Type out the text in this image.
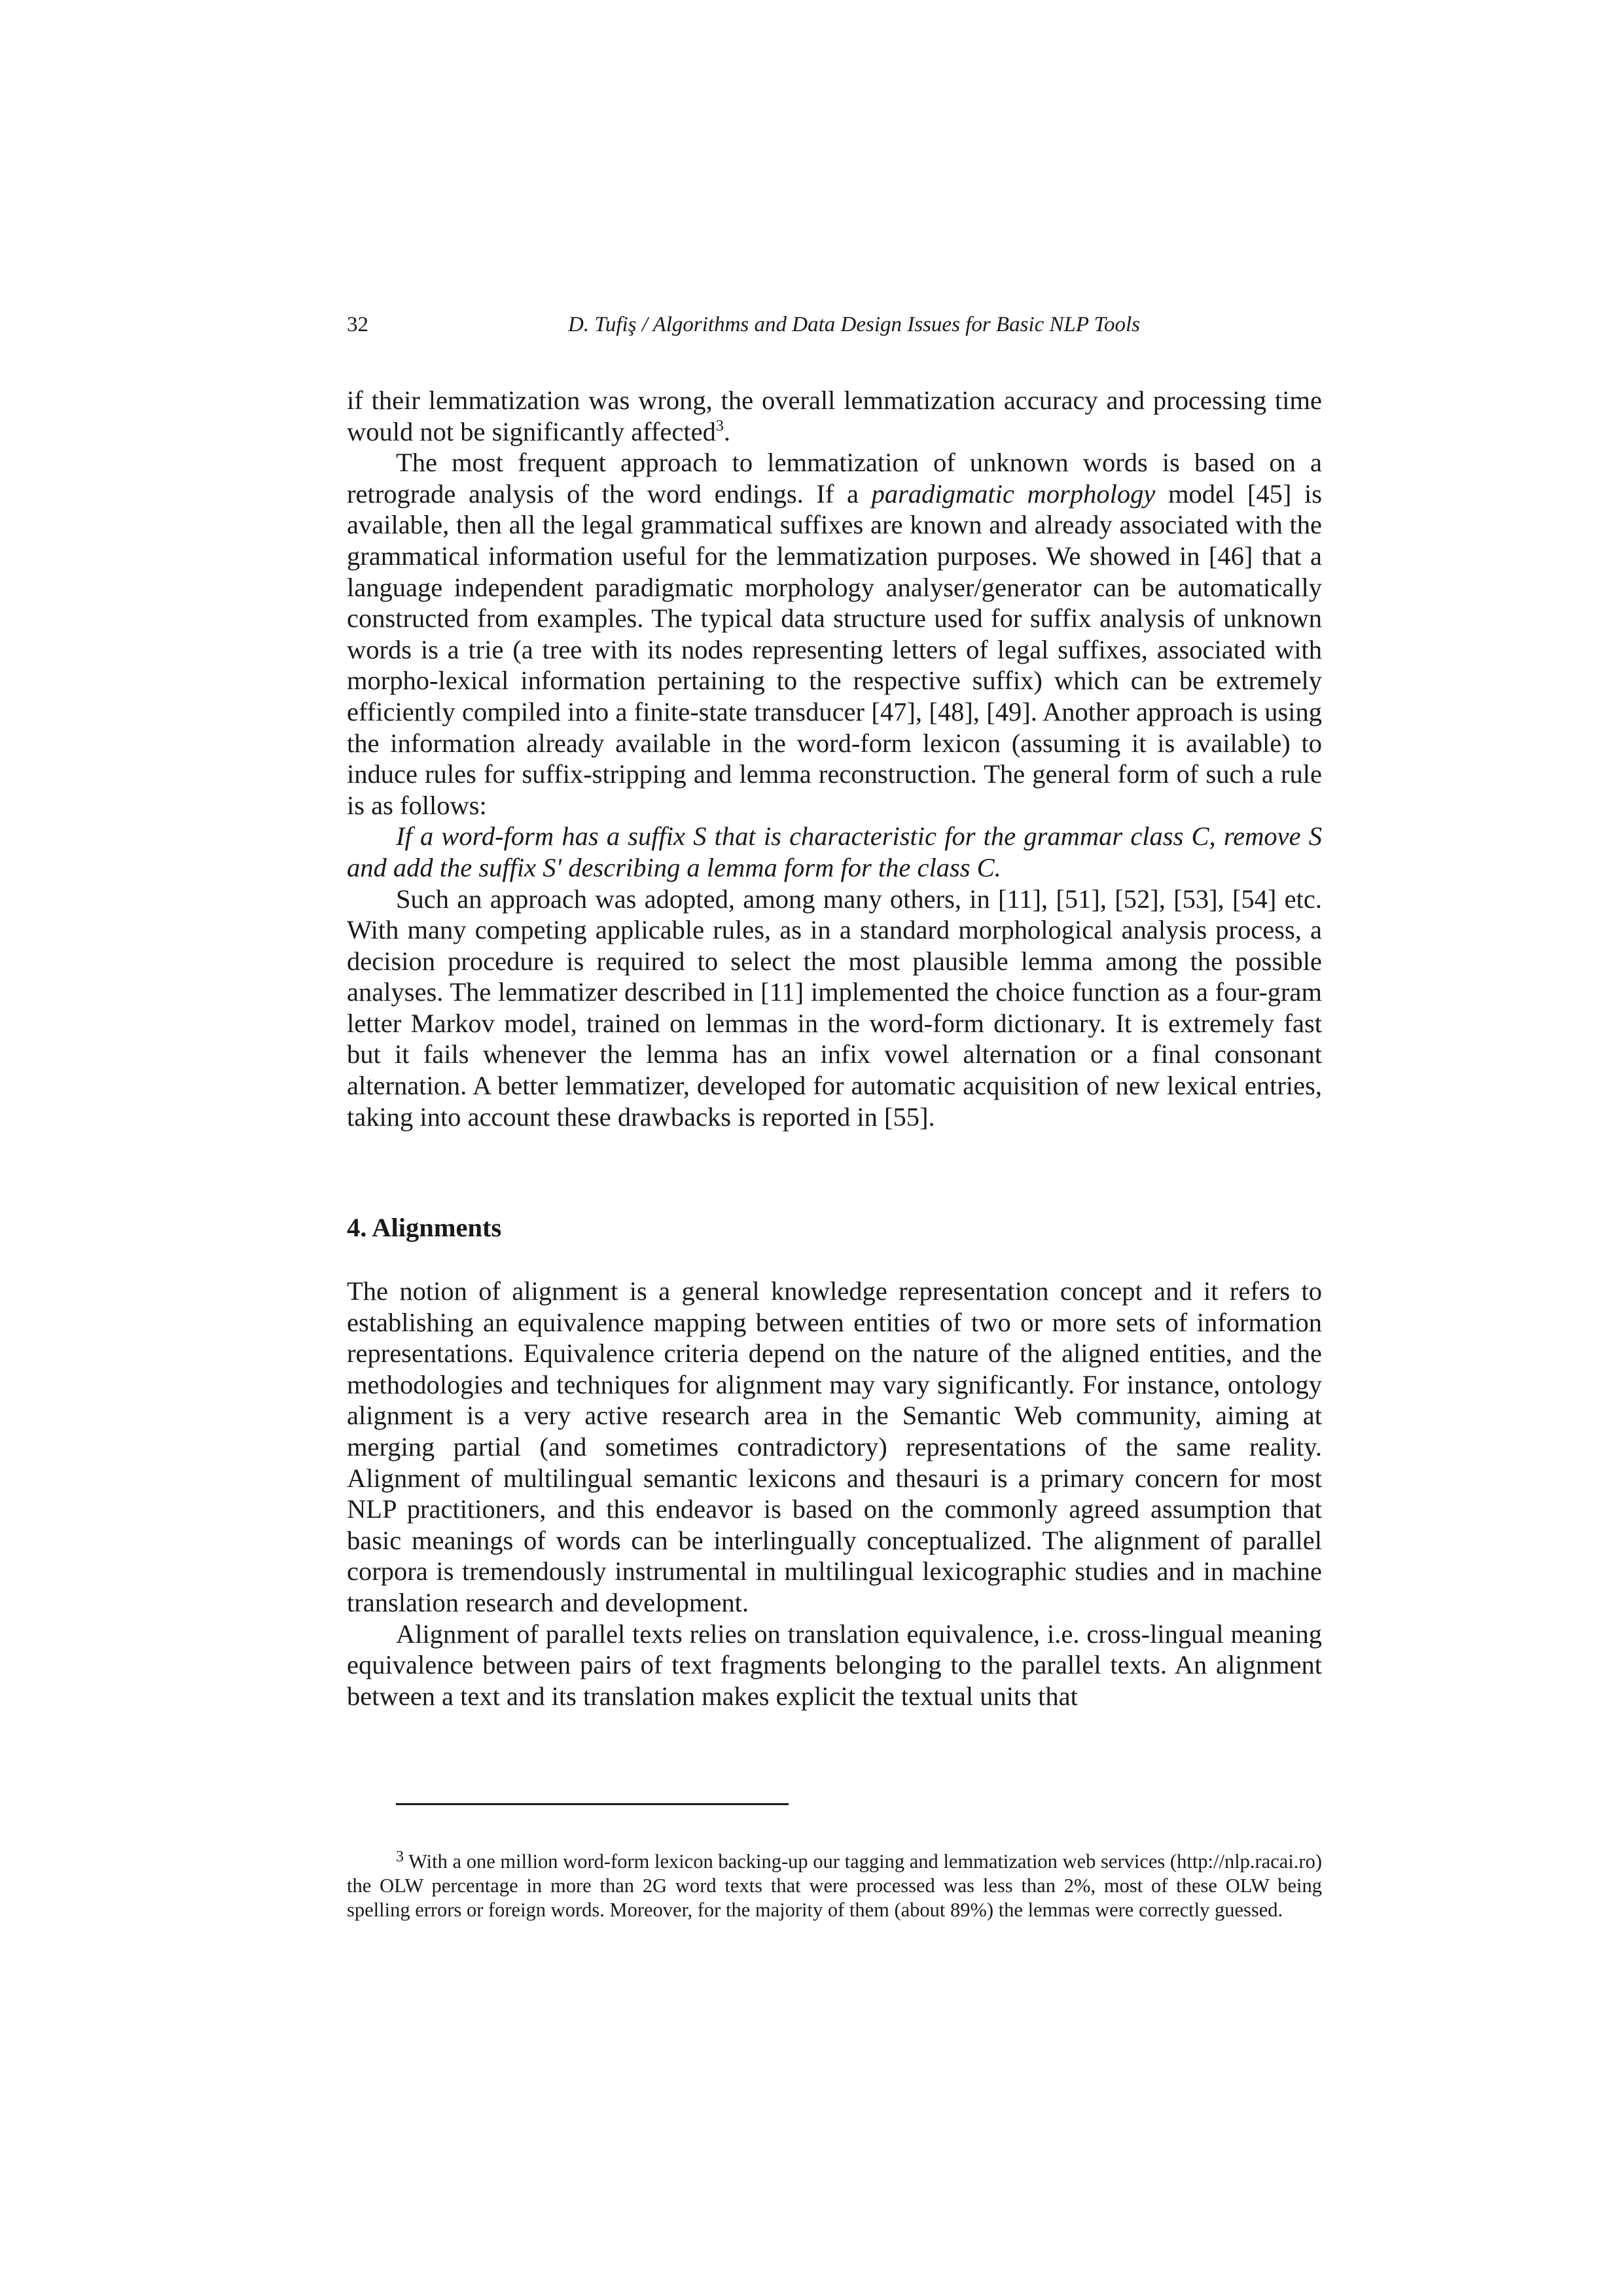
32	D. Tufiş / Algorithms and Data Design Issues for Basic NLP Tools

if their lemmatization was wrong, the overall lemmatization accuracy and processing time would not be significantly affected$^3$.

The most frequent approach to lemmatization of unknown words is based on a retrograde analysis of the word endings. If a paradigmatic morphology model [45] is available, then all the legal grammatical suffixes are known and already associated with the grammatical information useful for the lemmatization purposes. We showed in [46] that a language independent paradigmatic morphology analyser/generator can be automatically constructed from examples. The typical data structure used for suffix analysis of unknown words is a trie (a tree with its nodes representing letters of legal suffixes, associated with morpho-lexical information pertaining to the respective suffix) which can be extremely efficiently compiled into a finite-state transducer [47], [48], [49]. Another approach is using the information already available in the word-form lexicon (assuming it is available) to induce rules for suffix-stripping and lemma reconstruction. The general form of such a rule is as follows:

If a word-form has a suffix S that is characteristic for the grammar class C, remove S and add the suffix S' describing a lemma form for the class C.

Such an approach was adopted, among many others, in [11], [51], [52], [53], [54] etc. With many competing applicable rules, as in a standard morphological analysis process, a decision procedure is required to select the most plausible lemma among the possible analyses. The lemmatizer described in [11] implemented the choice function as a four-gram letter Markov model, trained on lemmas in the word-form dictionary. It is extremely fast but it fails whenever the lemma has an infix vowel alternation or a final consonant alternation. A better lemmatizer, developed for automatic acquisition of new lexical entries, taking into account these drawbacks is reported in [55].

4. Alignments

The notion of alignment is a general knowledge representation concept and it refers to establishing an equivalence mapping between entities of two or more sets of information representations. Equivalence criteria depend on the nature of the aligned entities, and the methodologies and techniques for alignment may vary significantly. For instance, ontology alignment is a very active research area in the Semantic Web community, aiming at merging partial (and sometimes contradictory) representations of the same reality. Alignment of multilingual semantic lexicons and thesauri is a primary concern for most NLP practitioners, and this endeavor is based on the commonly agreed assumption that basic meanings of words can be interlingually conceptualized. The alignment of parallel corpora is tremendously instrumental in multilingual lexicographic studies and in machine translation research and development.

Alignment of parallel texts relies on translation equivalence, i.e. cross-lingual meaning equivalence between pairs of text fragments belonging to the parallel texts. An alignment between a text and its translation makes explicit the textual units that

$^3$ With a one million word-form lexicon backing-up our tagging and lemmatization web services (http://nlp.racai.ro) the OLW percentage in more than 2G word texts that were processed was less than 2%, most of these OLW being spelling errors or foreign words. Moreover, for the majority of them (about 89%) the lemmas were correctly guessed.
